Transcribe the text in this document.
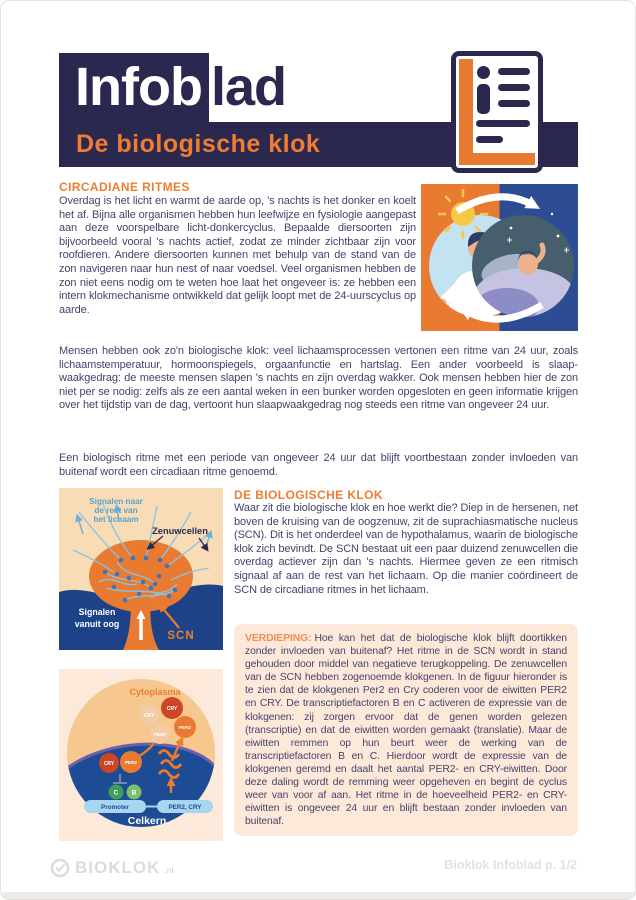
Infob lad
De biologische klok
CIRCADIANE RITMES

Overdag is het licht en warmt de aarde op, 's nachts is het donker en koelt het af. Bijna alle organismen hebben hun leefwijze en fysiologie aangepast aan deze voorspelbare licht-donkercyclus. Bepaalde diersoorten zijn bijvoorbeeld vooral 's nachts actief, zodat ze minder zichtbaar zijn voor roofdieren. Andere diersoorten kunnen met behulp van de stand van de zon navigeren naar hun nest of naar voedsel. Veel organismen hebben de zon niet eens nodig om te weten hoe laat het ongeveer is: ze hebben een intern klokmechanisme ontwikkeld dat gelijk loopt met de 24-uurscyclus op aarde.

Mensen hebben ook zo'n biologische klok: veel lichaamsprocessen vertonen een ritme van 24 uur, zoals lichaamstemperatuur, hormoonspiegels, orgaanfunctie en hartslag. Een ander voorbeeld is slaap-waakgedrag: de meeste mensen slapen 's nachts en zijn overdag wakker. Ook mensen hebben hier de zon niet per se nodig: zelfs als ze een aantal weken in een bunker worden opgesloten en geen informatie krijgen over het tijdstip van de dag, vertoont hun slaapwaakgedrag nog steeds een ritme van ongeveer 24 uur.

Een biologisch ritme met een periode van ongeveer 24 uur dat blijft voortbestaan zonder invloeden van buitenaf wordt een circadiaan ritme genoemd.

Signalen naar
de rest van
het lichaam
Zenuwcellen
Signalen
vanuit oog
SCN
DE BIOLOGISCHE KLOK

Waar zit die biologische klok en hoe werkt die? Diep in de hersenen, net boven de kruising van de oogzenuw, zit de suprachiasmatische nucleus (SCN). Dit is het onderdeel van de hypothalamus, waarin de biologische klok zich bevindt. De SCN bestaat uit een paar duizend zenuwcellen die overdag actiever zijn dan 's nachts. Hiermee geven ze een ritmisch signaal af aan de rest van het lichaam. Op die manier coördineert de SCN de circadiane ritmes in het lichaam.

VERDIEPING: Hoe kan het dat de biologische klok blijft doortikken zonder invloeden van buitenaf? Het ritme in de SCN wordt in stand gehouden door middel van negatieve terugkoppeling. De zenuwcellen van de SCN hebben zogenoemde klokgenen. In de figuur hieronder is te zien dat de klokgenen Per2 en Cry coderen voor de eiwitten PER2 en CRY. De transcriptiefactoren B en C activeren de expressie van de klokgenen: zij zorgen ervoor dat de genen worden gelezen (transcriptie) en dat de eiwitten worden gemaakt (translatie). Maar de eiwitten remmen op hun beurt weer de werking van de transcriptiefactoren B en C. Hierdoor wordt de expressie van de klokgenen geremd en daalt het aantal PER2- en CRY-eiwitten. Door deze daling wordt de remming weer opgeheven en begint de cyclus weer van voor af aan. Het ritme in de hoeveelheid PER2- en CRY-eiwitten is ongeveer 24 uur en blijft bestaan zonder invloeden van buitenaf.

Cytoplasma
CRY
CRY
PER2
PER2
CRY PER2
C B
Promoter	PER2, CRY
Celkern
BIOKLOK .nl	Bioklok Infoblad p. 1/2
